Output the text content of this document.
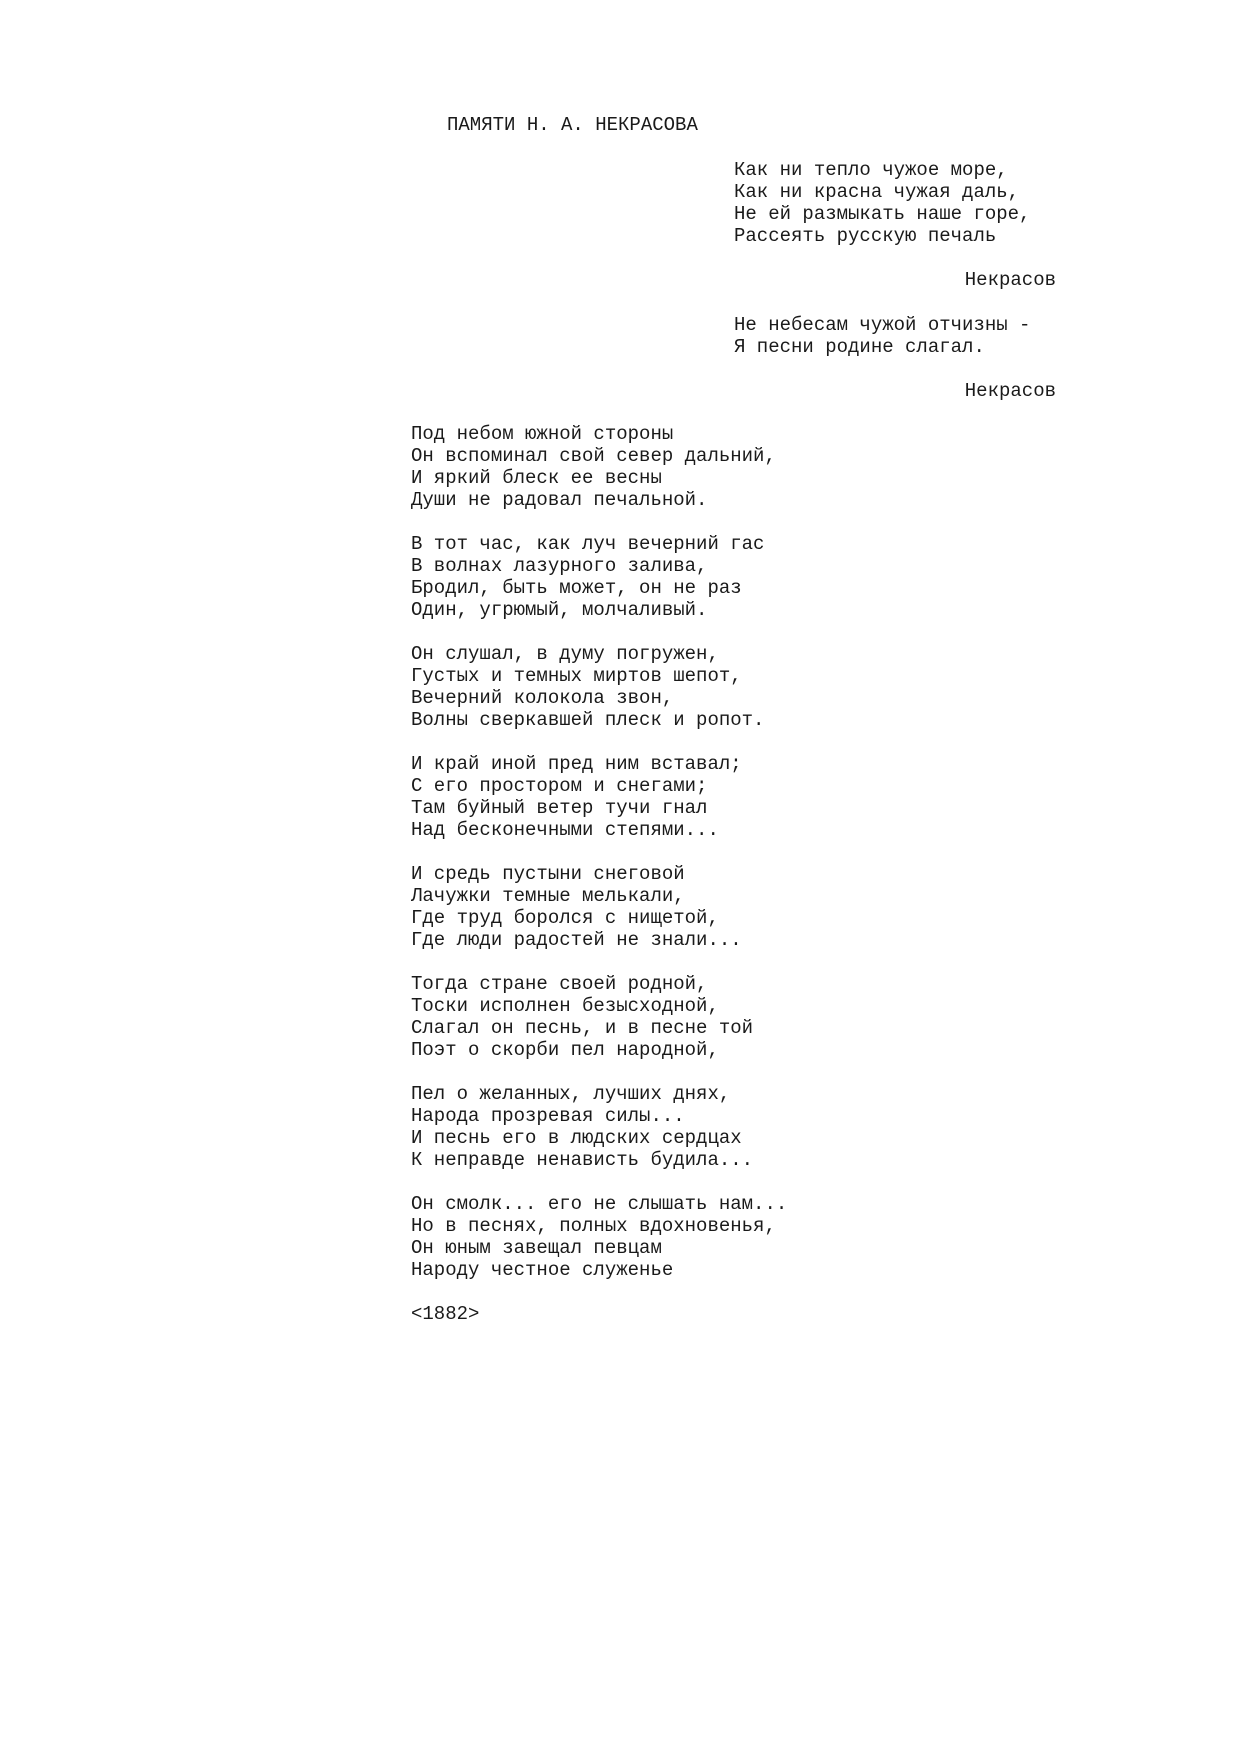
ПАМЯТИ Н. А. НЕКРАСОВА
Как ни тепло чужое море,
Как ни красна чужая даль,
Не ей размыкать наше горе,
Рассеять русскую печаль
Некрасов
Не небесам чужой отчизны -
Я песни родине слагал.
Некрасов
Под небом южной стороны
Он вспоминал свой север дальний,
И яркий блеск ее весны
Души не радовал печальной.
В тот час, как луч вечерний гас
В волнах лазурного залива,
Бродил, быть может, он не раз
Один, угрюмый, молчаливый.
Он слушал, в думу погружен,
Густых и темных миртов шепот,
Вечерний колокола звон,
Волны сверкавшей плеск и ропот.
И край иной пред ним вставал;
С его простором и снегами;
Там буйный ветер тучи гнал
Над бесконечными степями...
И средь пустыни снеговой
Лачужки темные мелькали,
Где труд боролся с нищетой,
Где люди радостей не знали...
Тогда стране своей родной,
Тоски исполнен безысходной,
Слагал он песнь, и в песне той
Поэт о скорби пел народной,
Пел о желанных, лучших днях,
Народа прозревая силы...
И песнь его в людских сердцах
К неправде ненависть будила...
Он смолк... его не слышать нам...
Но в песнях, полных вдохновенья,
Он юным завещал певцам
Народу честное служенье
<1882>
